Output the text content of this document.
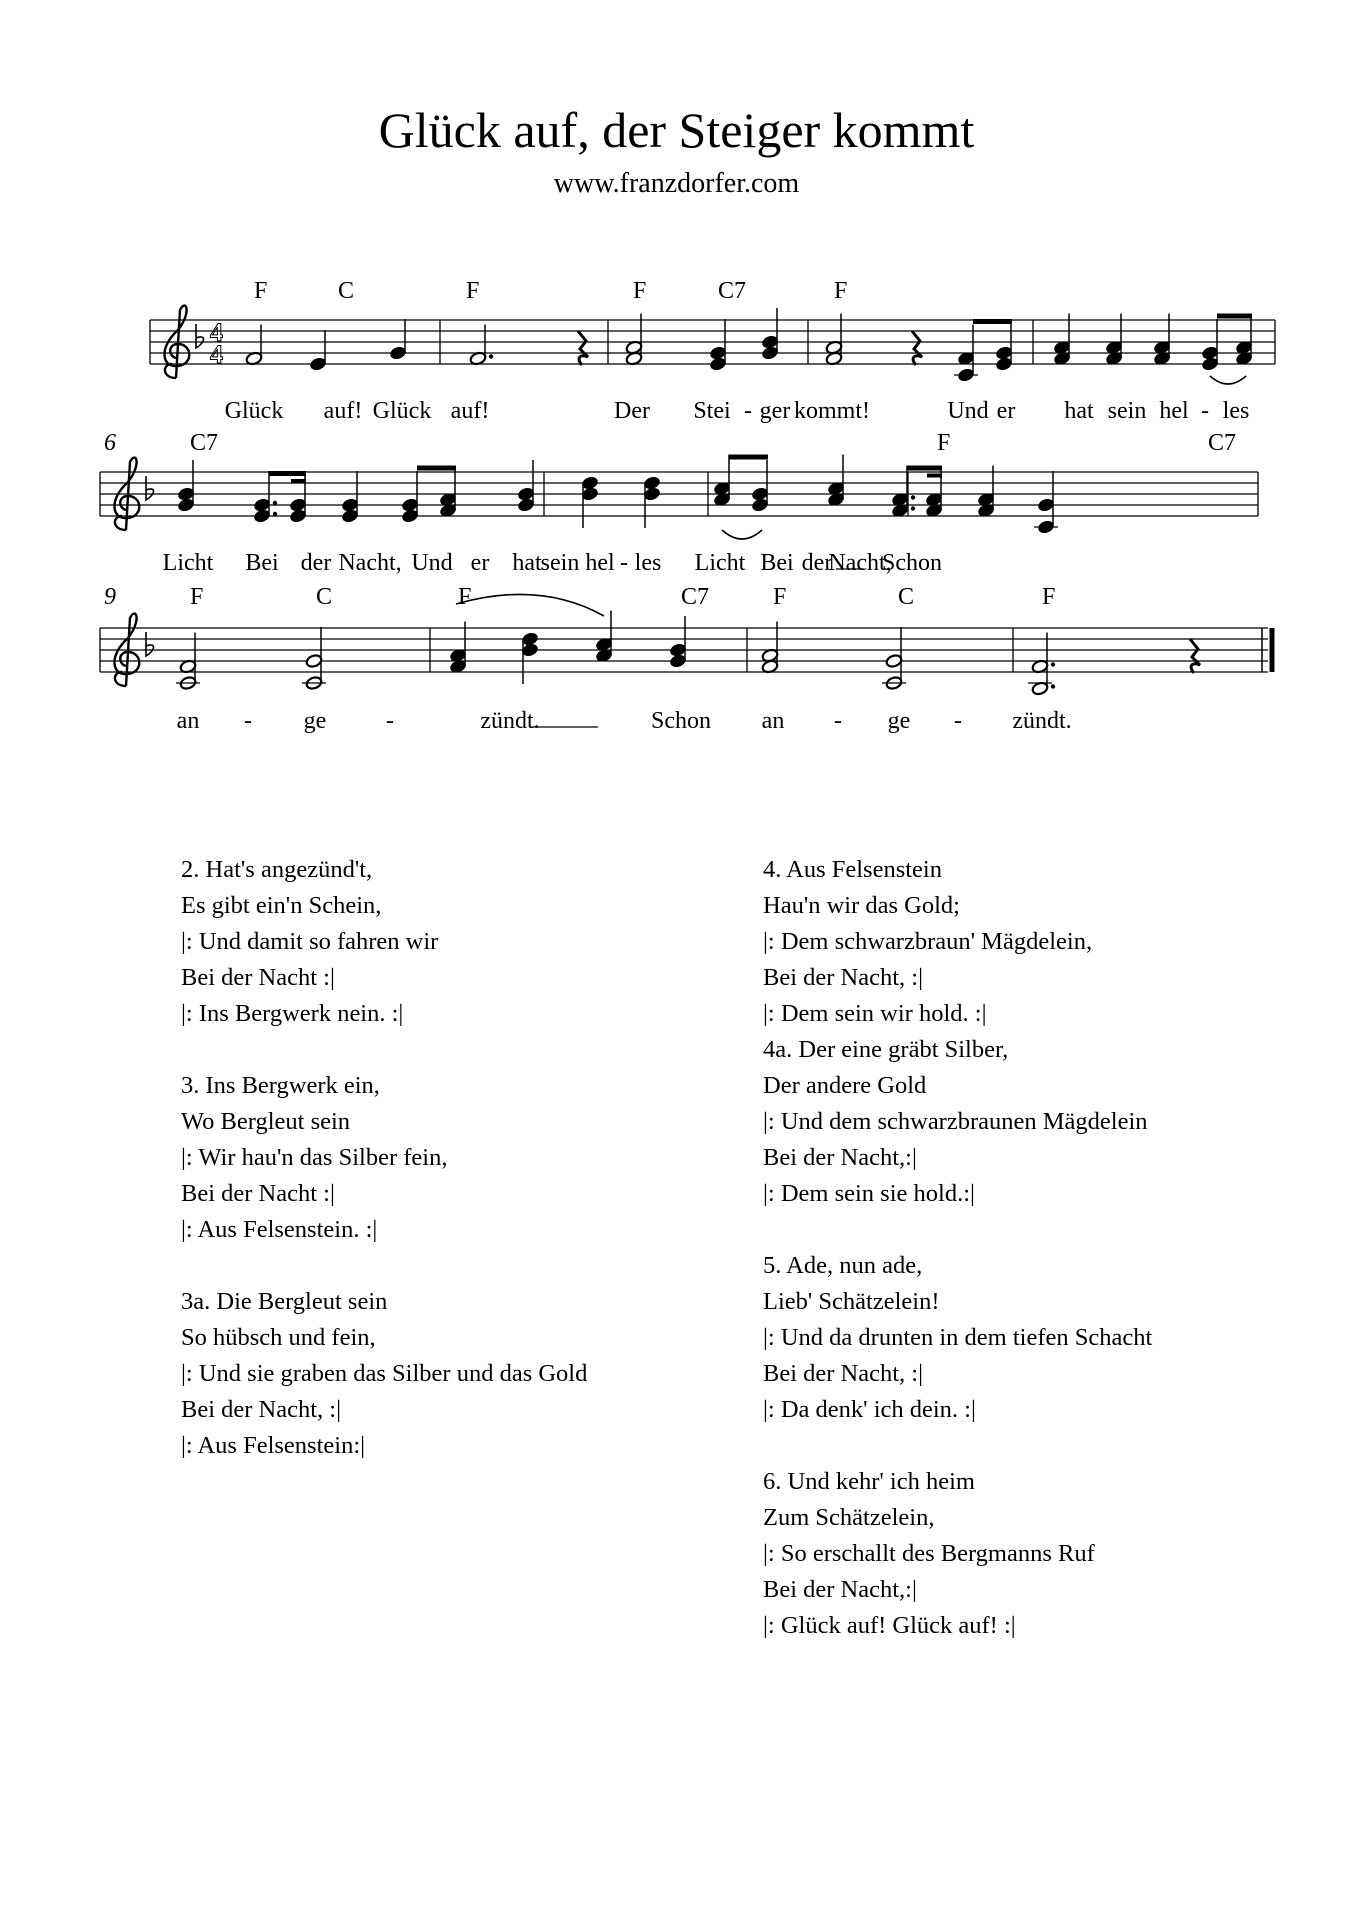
Glück auf, der Steiger kommt
www.franzdorfer.com
4
4
F	C	F	F	C7	F
Glück auf! Glück auf!	Der Stei - ger kommt!	Und er hat sein hel - les
C7	F	C7
6
Licht Bei der Nacht, Und er hat sein hel - les Licht Bei der
Nacht,
Schon
F	C	F	C7	F	C	F
9
an - ge -	zündt.	Schon an - ge - zündt.
2. Hat's angezünd't,
Es gibt ein'n Schein,
|: Und damit so fahren wir
Bei der Nacht :|
|: Ins Bergwerk nein. :|
3. Ins Bergwerk ein,
Wo Bergleut sein
|: Wir hau'n das Silber fein,
Bei der Nacht :|
|: Aus Felsenstein. :|
3a. Die Bergleut sein
So hübsch und fein,
|: Und sie graben das Silber und das Gold
Bei der Nacht, :|
|: Aus Felsenstein:|
4. Aus Felsenstein
Hau'n wir das Gold;
|: Dem schwarzbraun' Mägdelein,
Bei der Nacht, :|
|: Dem sein wir hold. :|
4a. Der eine gräbt Silber,
Der andere Gold
|: Und dem schwarzbraunen Mägdelein
Bei der Nacht,:|
|: Dem sein sie hold.:|
5. Ade, nun ade,
Lieb' Schätzelein!
|: Und da drunten in dem tiefen Schacht
Bei der Nacht, :|
|: Da denk' ich dein. :|
6. Und kehr' ich heim
Zum Schätzelein,
|: So erschallt des Bergmanns Ruf
Bei der Nacht,:|
|: Glück auf! Glück auf! :|
